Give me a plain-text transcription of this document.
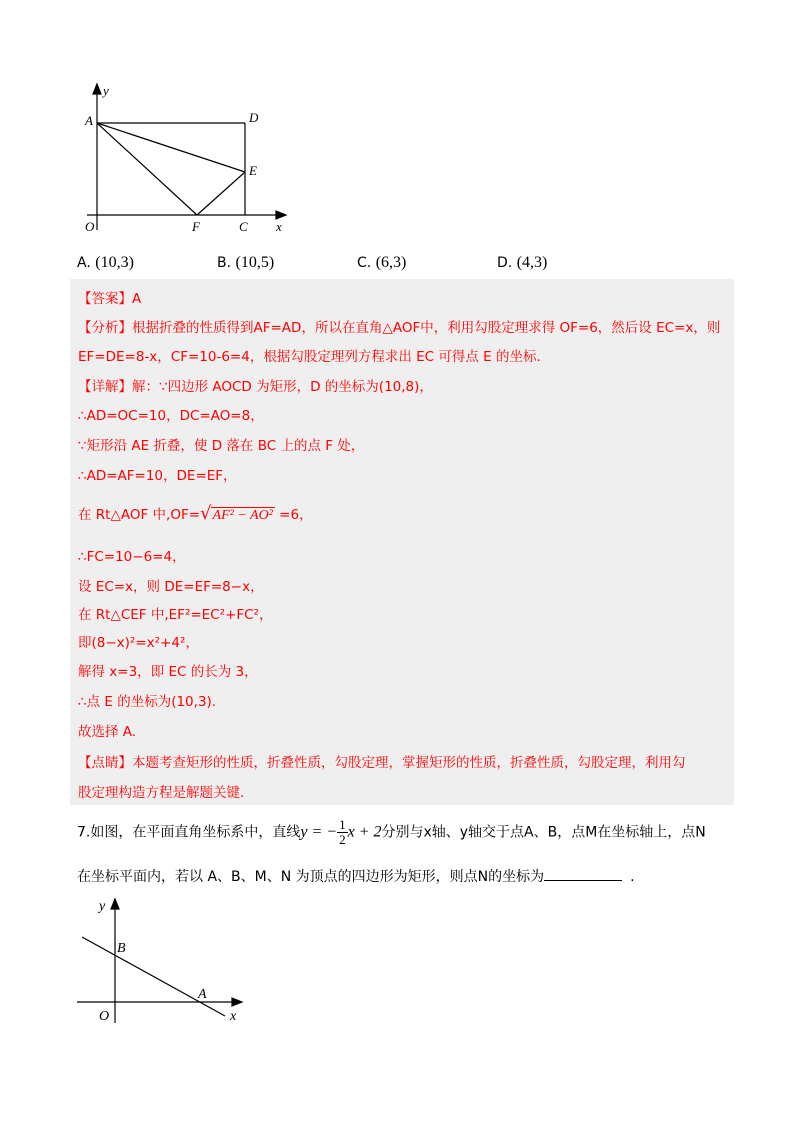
y
A	D
E
O	F	C x
A. (10,3)	B. (10,5)	C. (6,3)	D. (4,3)
【答案】A
【分析】根据折叠的性质得到AF=AD，所以在直角△AOF中，利用勾股定理求得 OF=6，然后设 EC=x，则
EF=DE=8-x，CF=10-6=4，根据勾股定理列方程求出 EC 可得点 E 的坐标.
【详解】解：∵四边形 AOCD 为矩形，D 的坐标为(10,8)，
∴AD=OC=10，DC=AO=8，
∵矩形沿 AE 折叠，使 D 落在 BC 上的点 F 处，
∴AD=AF=10，DE=EF，
在 Rt△AOF 中,OF=√AF² − AO² =6，
∴FC=10−6=4，
设 EC=x，则 DE=EF=8−x，
在 Rt△CEF 中,EF²=EC²+FC²，
即(8−x)²=x²+4²，
解得 x=3，即 EC 的长为 3，
∴点 E 的坐标为(10,3).
故选择 A.
【点睛】本题考查矩形的性质，折叠性质，勾股定理，掌握矩形的性质，折叠性质，勾股定理，利用勾
股定理构造方程是解题关键.
7.如图，在平面直角坐标系中，直线y = − $\frac{1}{2}$ x + 2分别与x轴、y轴交于点A、B，点M在坐标轴上，点N
在坐标平面内，若以 A、B、M、N 为顶点的四边形为矩形，则点N的坐标为	.
y
B
A
O	x
